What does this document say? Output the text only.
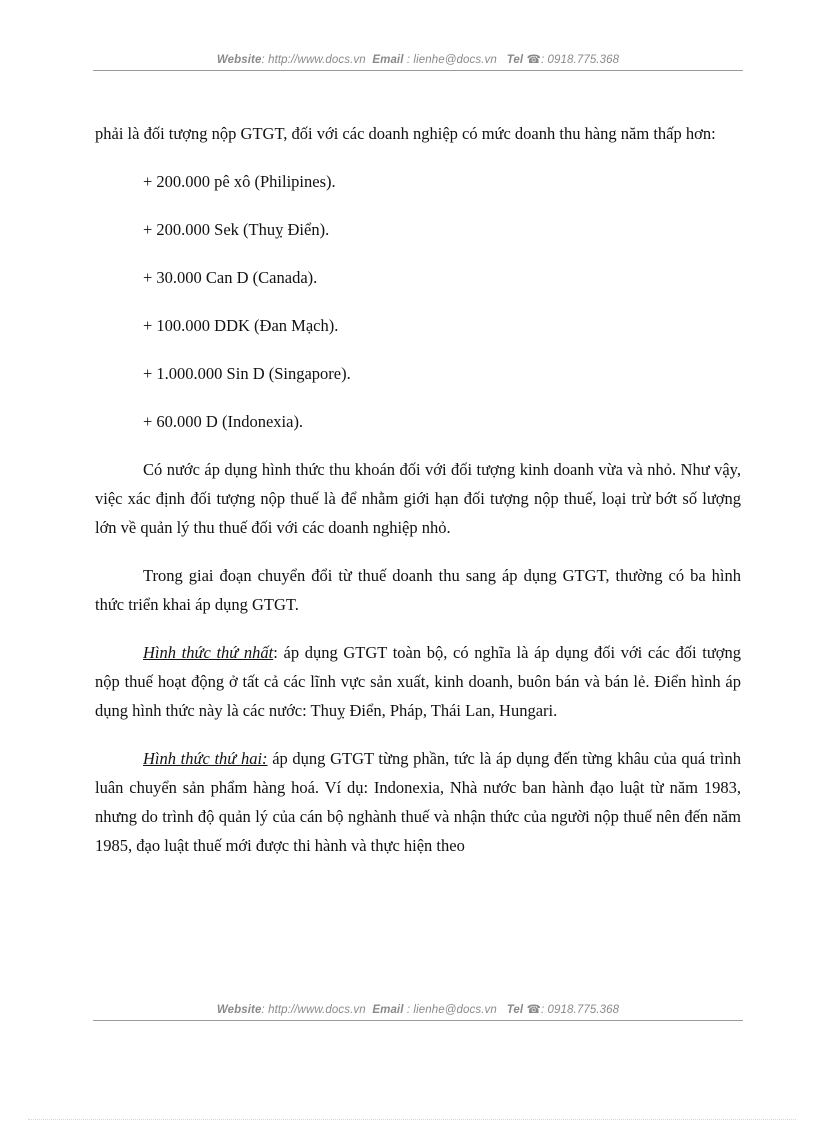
Website: http://www.docs.vn Email : lienhe@docs.vn Tel ☎: 0918.775.368

phải là đối tượng nộp GTGT, đối với các doanh nghiệp có mức doanh thu hàng năm thấp hơn:

+ 200.000 pê xô (Philipines).

+ 200.000 Sek (Thuỵ Điển).

+ 30.000 Can D (Canada).

+ 100.000 DDK (Đan Mạch).

+ 1.000.000 Sin D (Singapore).

+ 60.000 D (Indonexia).

Có nước áp dụng hình thức thu khoán đối với đối tượng kinh doanh vừa và nhỏ. Như vậy, việc xác định đối tượng nộp thuế là để nhằm giới hạn đối tượng nộp thuế, loại trừ bớt số lượng lớn về quản lý thu thuế đối với các doanh nghiệp nhỏ.

Trong giai đoạn chuyển đổi từ thuế doanh thu sang áp dụng GTGT, thường có ba hình thức triển khai áp dụng GTGT.

Hình thức thứ nhất: áp dụng GTGT toàn bộ, có nghĩa là áp dụng đối với các đối tượng nộp thuế hoạt động ở tất cả các lĩnh vực sản xuất, kinh doanh, buôn bán và bán lẻ. Điển hình áp dụng hình thức này là các nước: Thuỵ Điển, Pháp, Thái Lan, Hungari.

Hình thức thứ hai: áp dụng GTGT từng phần, tức là áp dụng đến từng khâu của quá trình luân chuyển sản phẩm hàng hoá. Ví dụ: Indonexia, Nhà nước ban hành đạo luật từ năm 1983, nhưng do trình độ quản lý của cán bộ nghành thuế và nhận thức của người nộp thuế nên đến năm 1985, đạo luật thuế mới được thi hành và thực hiện theo

Website: http://www.docs.vn Email : lienhe@docs.vn Tel ☎: 0918.775.368
